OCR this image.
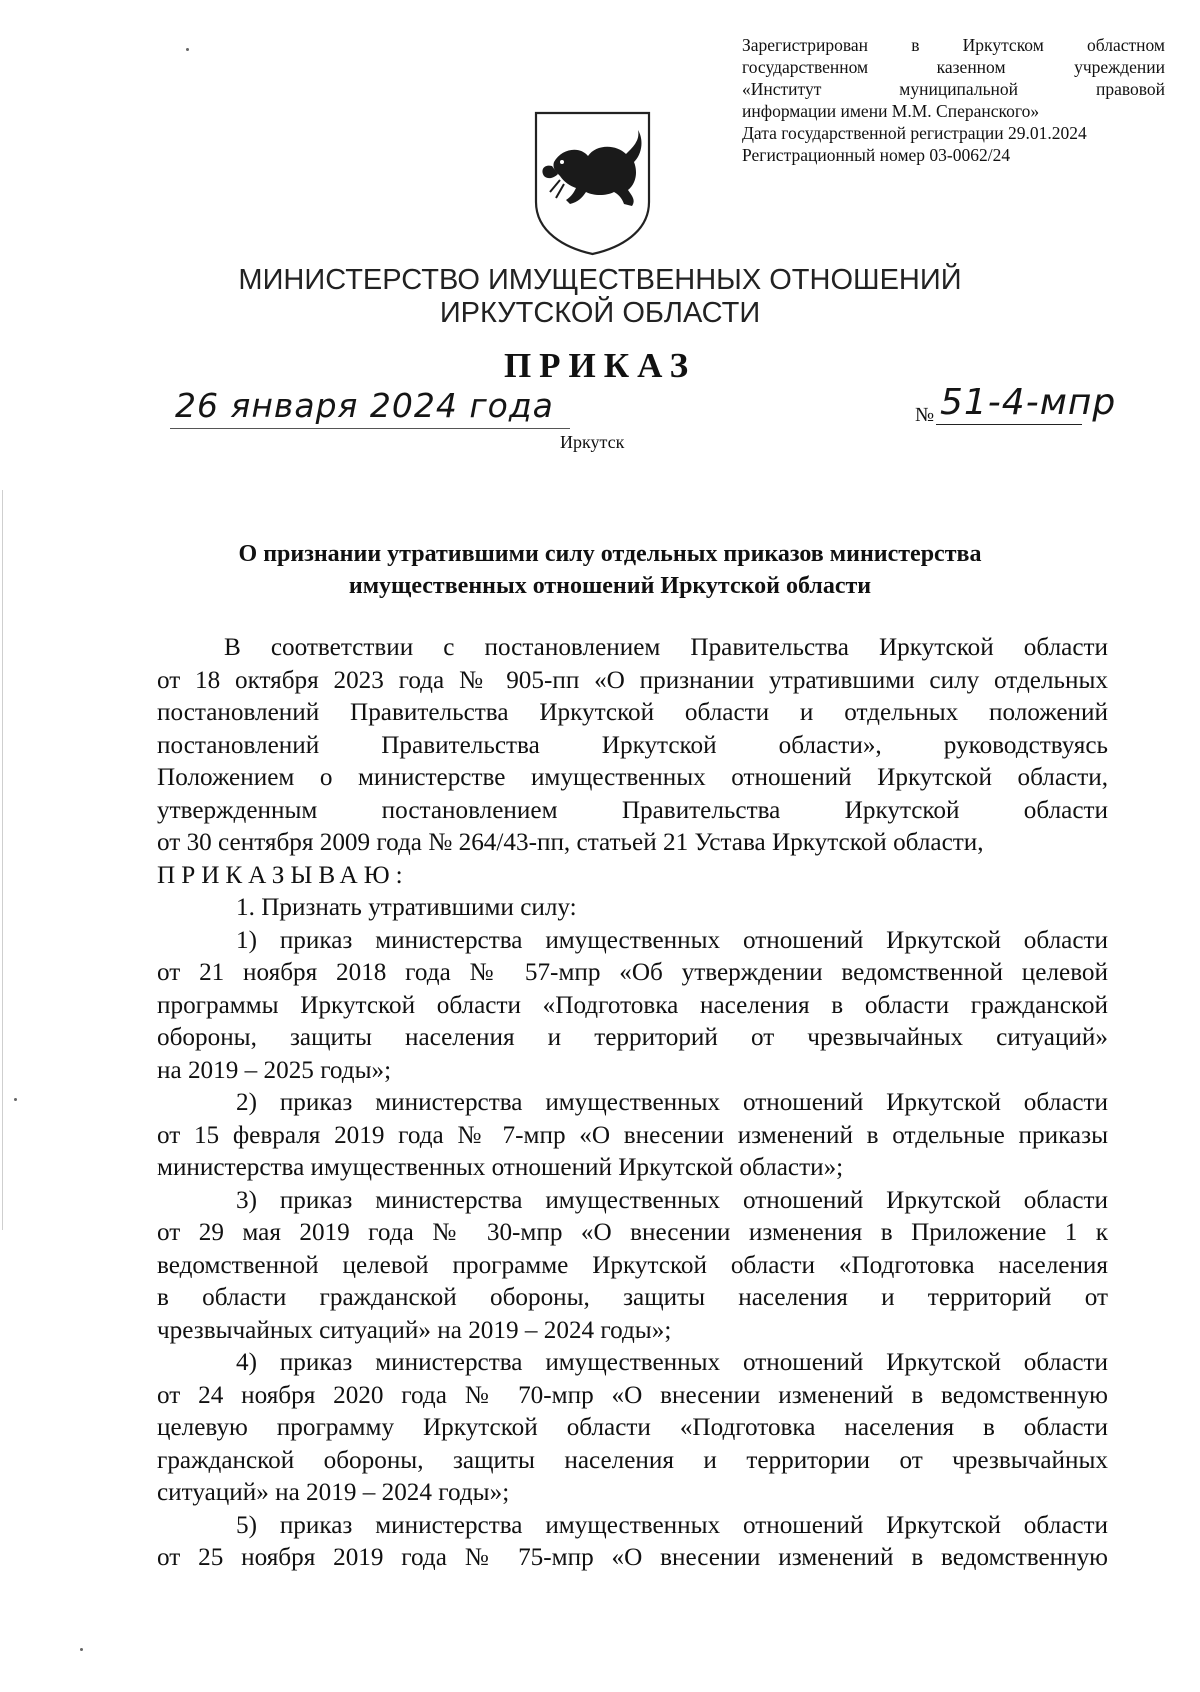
Зарегистрирован в Иркутском областном
государственном казенном учреждении
«Институт муниципальной правовой
информации имени М.М. Сперанского»
Дата государственной регистрации 29.01.2024
Регистрационный номер 03-0062/24
МИНИСТЕРСТВО ИМУЩЕСТВЕННЫХ ОТНОШЕНИЙ
ИРКУТСКОЙ ОБЛАСТИ
ПРИКАЗ
26 января 2024 года	№ 51-4-мпр
Иркутск
О признании утратившими силу отдельных приказов министерства
имущественных отношений Иркутской области
В соответствии с постановлением Правительства Иркутской области
от 18 октября 2023 года № 905-пп «О признании утратившими силу отдельных
постановлений Правительства Иркутской области и отдельных положений
постановлений Правительства Иркутской области», руководствуясь
Положением о министерстве имущественных отношений Иркутской области,
утвержденным постановлением Правительства Иркутской области
от 30 сентября 2009 года № 264/43-пп, статьей 21 Устава Иркутской области,
ПРИКАЗЫВАЮ:
1. Признать утратившими силу:
1) приказ министерства имущественных отношений Иркутской области
от 21 ноября 2018 года № 57-мпр «Об утверждении ведомственной целевой
программы Иркутской области «Подготовка населения в области гражданской
обороны, защиты населения и территорий от чрезвычайных ситуаций»
на 2019 – 2025 годы»;
2) приказ министерства имущественных отношений Иркутской области
от 15 февраля 2019 года № 7-мпр «О внесении изменений в отдельные приказы
министерства имущественных отношений Иркутской области»;
3) приказ министерства имущественных отношений Иркутской области
от 29 мая 2019 года № 30-мпр «О внесении изменения в Приложение 1 к
ведомственной целевой программе Иркутской области «Подготовка населения
в области гражданской обороны, защиты населения и территорий от
чрезвычайных ситуаций» на 2019 – 2024 годы»;
4) приказ министерства имущественных отношений Иркутской области
от 24 ноября 2020 года № 70-мпр «О внесении изменений в ведомственную
целевую программу Иркутской области «Подготовка населения в области
гражданской обороны, защиты населения и территории от чрезвычайных
ситуаций» на 2019 – 2024 годы»;
5) приказ министерства имущественных отношений Иркутской области
от 25 ноября 2019 года № 75-мпр «О внесении изменений в ведомственную
